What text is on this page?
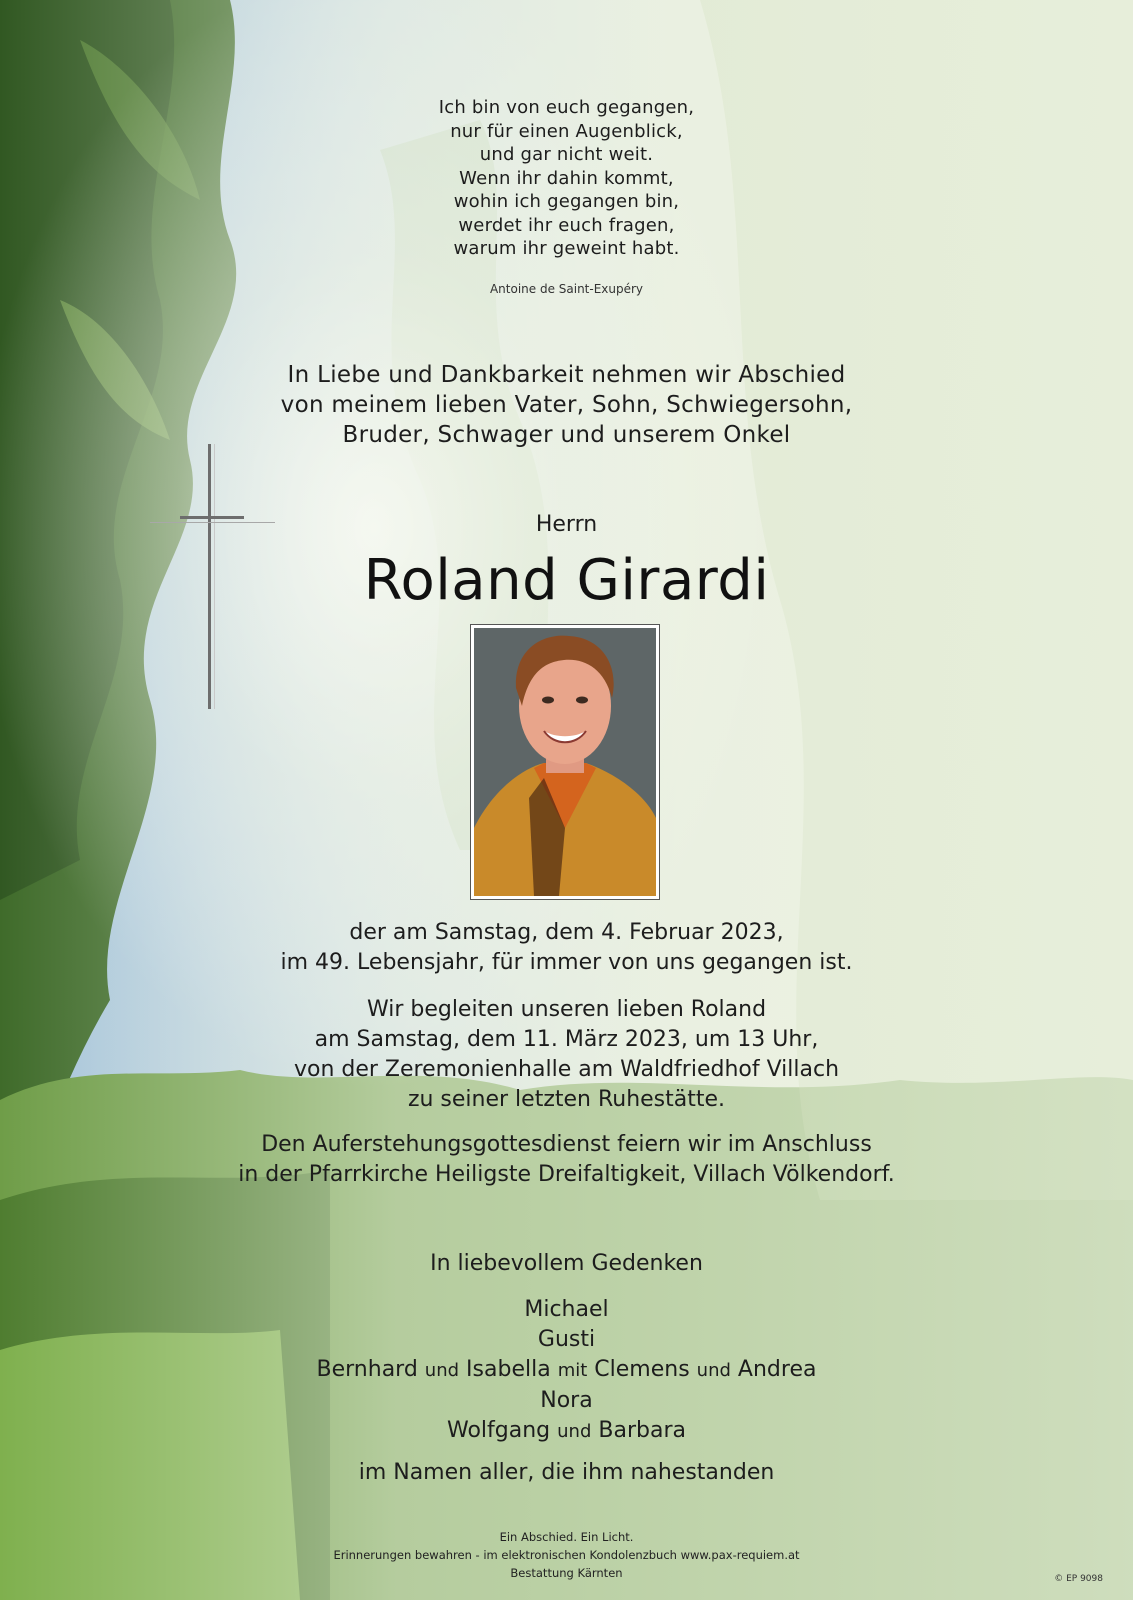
Ich bin von euch gegangen,
nur für einen Augenblick,
und gar nicht weit.
Wenn ihr dahin kommt,
wohin ich gegangen bin,
werdet ihr euch fragen,
warum ihr geweint habt.
Antoine de Saint-Exupéry
In Liebe und Dankbarkeit nehmen wir Abschied
von meinem lieben Vater, Sohn, Schwiegersohn,
Bruder, Schwager und unserem Onkel
Herrn
Roland Girardi
der am Samstag, dem 4. Februar 2023,
im 49. Lebensjahr, für immer von uns gegangen ist.
Wir begleiten unseren lieben Roland
am Samstag, dem 11. März 2023, um 13 Uhr,
von der Zeremonienhalle am Waldfriedhof Villach
zu seiner letzten Ruhestätte.
Den Auferstehungsgottesdienst feiern wir im Anschluss
in der Pfarrkirche Heiligste Dreifaltigkeit, Villach Völkendorf.
In liebevollem Gedenken
Michael
Gusti
Bernhard und Isabella mit Clemens und Andrea
Nora
Wolfgang und Barbara
im Namen aller, die ihm nahestanden
Ein Abschied. Ein Licht.
Erinnerungen bewahren - im elektronischen Kondolenzbuch www.pax-requiem.at
Bestattung Kärnten	© EP 9098
